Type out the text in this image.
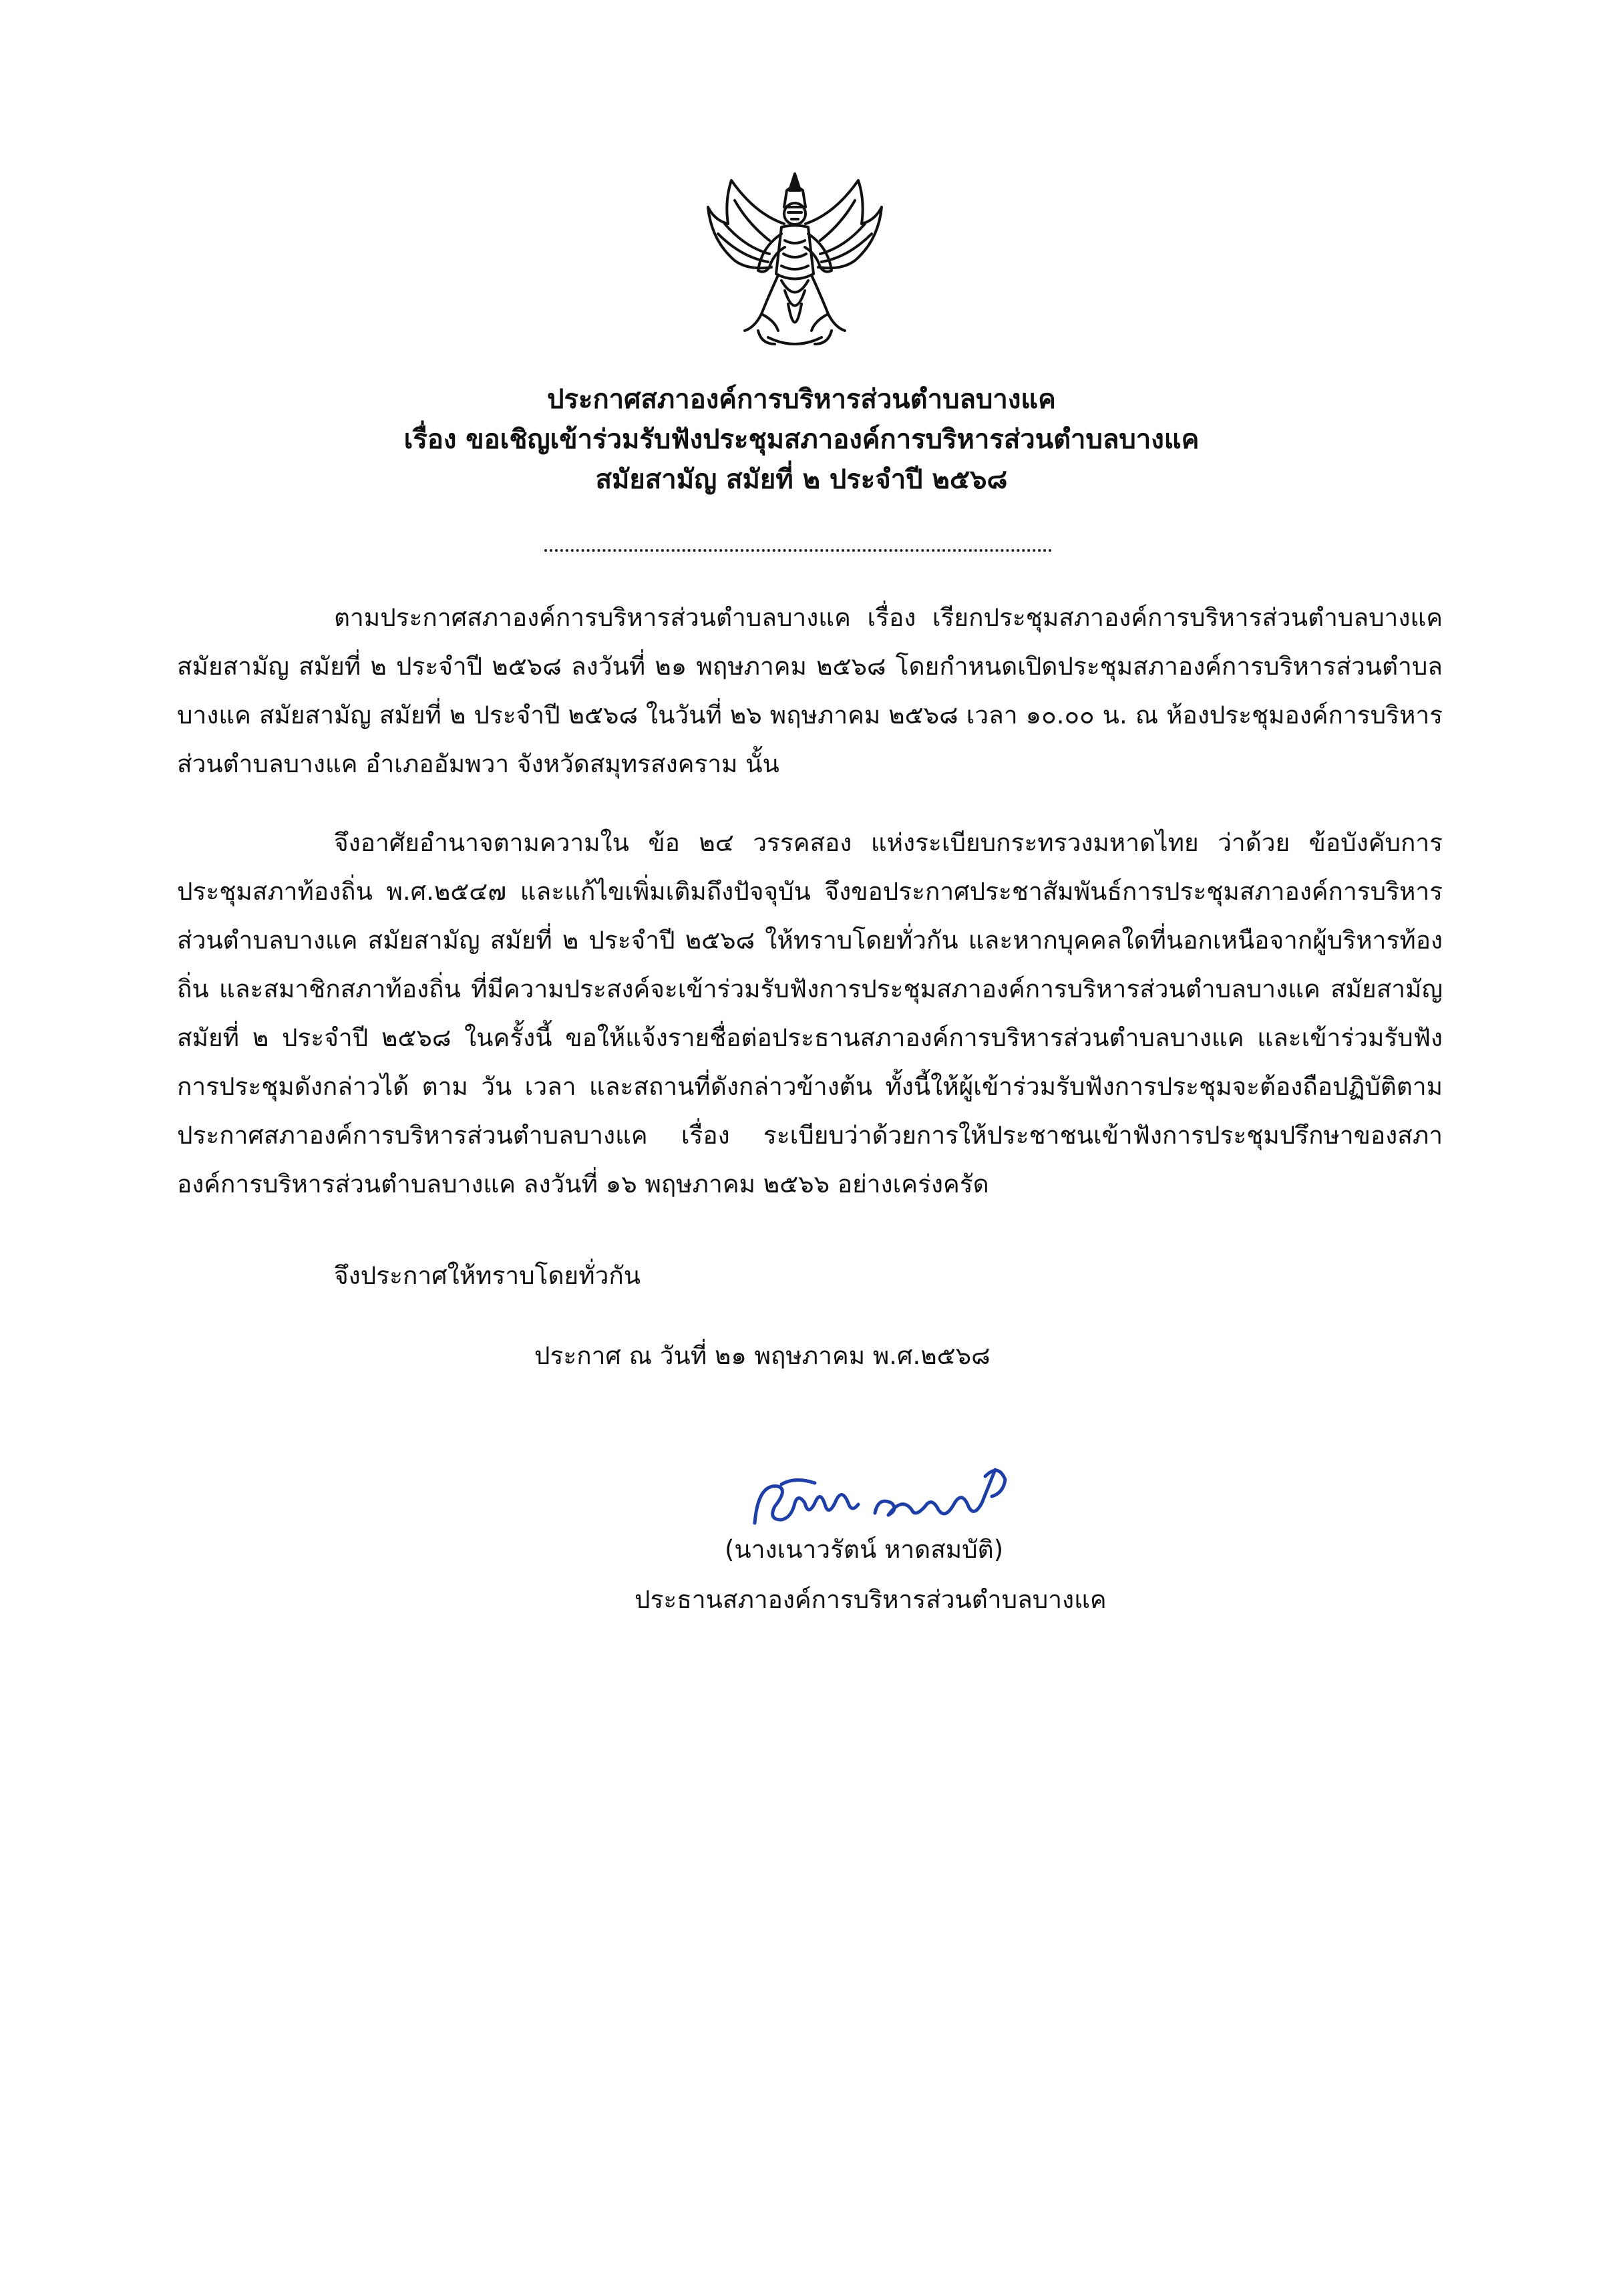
ประกาศสภาองค์การบริหารส่วนตำบลบางแค
เรื่อง ขอเชิญเข้าร่วมรับฟังประชุมสภาองค์การบริหารส่วนตำบลบางแค
สมัยสามัญ สมัยที่ ๒ ประจำปี ๒๕๖๘
ตามประกาศสภาองค์การบริหารส่วนตำบลบางแค เรื่อง เรียกประชุมสภาองค์การบริหารส่วนตำบลบางแค สมัยสามัญ สมัยที่ ๒ ประจำปี ๒๕๖๘ ลงวันที่ ๒๑ พฤษภาคม ๒๕๖๘ โดยกำหนดเปิดประชุมสภาองค์การบริหารส่วนตำบลบางแค สมัยสามัญ สมัยที่ ๒ ประจำปี ๒๕๖๘ ในวันที่ ๒๖ พฤษภาคม ๒๕๖๘ เวลา ๑๐.๐๐ น. ณ ห้องประชุมองค์การบริหารส่วนตำบลบางแค อำเภออัมพวา จังหวัดสมุทรสงคราม นั้น
จึงอาศัยอำนาจตามความใน ข้อ ๒๔ วรรคสอง แห่งระเบียบกระทรวงมหาดไทย ว่าด้วย ข้อบังคับการประชุมสภาท้องถิ่น พ.ศ.๒๕๔๗ และแก้ไขเพิ่มเติมถึงปัจจุบัน จึงขอประกาศประชาสัมพันธ์การประชุมสภาองค์การบริหารส่วนตำบลบางแค สมัยสามัญ สมัยที่ ๒ ประจำปี ๒๕๖๘ ให้ทราบโดยทั่วกัน และหากบุคคลใดที่นอกเหนือจากผู้บริหารท้องถิ่น และสมาชิกสภาท้องถิ่น ที่มีความประสงค์จะเข้าร่วมรับฟังการประชุมสภาองค์การบริหารส่วนตำบลบางแค สมัยสามัญ สมัยที่ ๒ ประจำปี ๒๕๖๘ ในครั้งนี้ ขอให้แจ้งรายชื่อต่อประธานสภาองค์การบริหารส่วนตำบลบางแค และเข้าร่วมรับฟังการประชุมดังกล่าวได้ ตาม วัน เวลา และสถานที่ดังกล่าวข้างต้น ทั้งนี้ให้ผู้เข้าร่วมรับฟังการประชุมจะต้องถือปฏิบัติตามประกาศสภาองค์การบริหารส่วนตำบลบางแค เรื่อง ระเบียบว่าด้วยการให้ประชาชนเข้าฟังการประชุมปรึกษาของสภาองค์การบริหารส่วนตำบลบางแค ลงวันที่ ๑๖ พฤษภาคม ๒๕๖๖ อย่างเคร่งครัด
จึงประกาศให้ทราบโดยทั่วกัน
ประกาศ ณ วันที่ ๒๑ พฤษภาคม พ.ศ.๒๕๖๘
(นางเนาวรัตน์ หาดสมบัติ)
ประธานสภาองค์การบริหารส่วนตำบลบางแค
